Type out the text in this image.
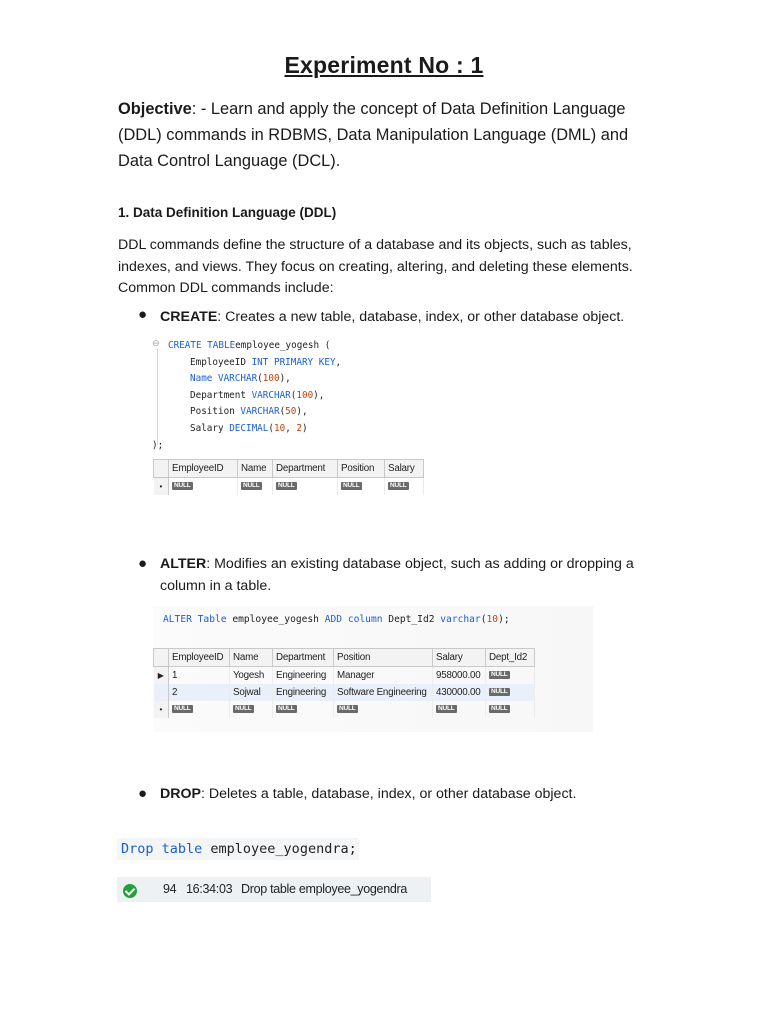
Experiment No : 1
Objective: - Learn and apply the concept of Data Definition Language (DDL) commands in RDBMS, Data Manipulation Language (DML) and Data Control Language (DCL).
1. Data Definition Language (DDL)
DDL commands define the structure of a database and its objects, such as tables, indexes, and views. They focus on creating, altering, and deleting these elements. Common DDL commands include:
● CREATE: Creates a new table, database, index, or other database object.
⊖ CREATE TABLEemployee_yogesh (
EmployeeID INT PRIMARY KEY,
Name VARCHAR(100),
Department VARCHAR(100),
Position VARCHAR(50),
Salary DECIMAL(10, 2)
);
	EmployeeID	Name	Department	Position	Salary
•	NULL	NULL	NULL	NULL	NULL
● ALTER: Modifies an existing database object, such as adding or dropping a column in a table.
ALTER Table employee_yogesh ADD column Dept_Id2 varchar(10);
	EmployeeID	Name	Department	Position	Salary	Dept_Id2
▶	1	Yogesh	Engineering	Manager	958000.00	NULL
	2	Sojwal	Engineering	Software Engineering	430000.00	NULL
•	NULL	NULL	NULL	NULL	NULL	NULL
● DROP: Deletes a table, database, index, or other database object.
Drop table employee_yogendra;
94 16:34:03 Drop table employee_yogendra
